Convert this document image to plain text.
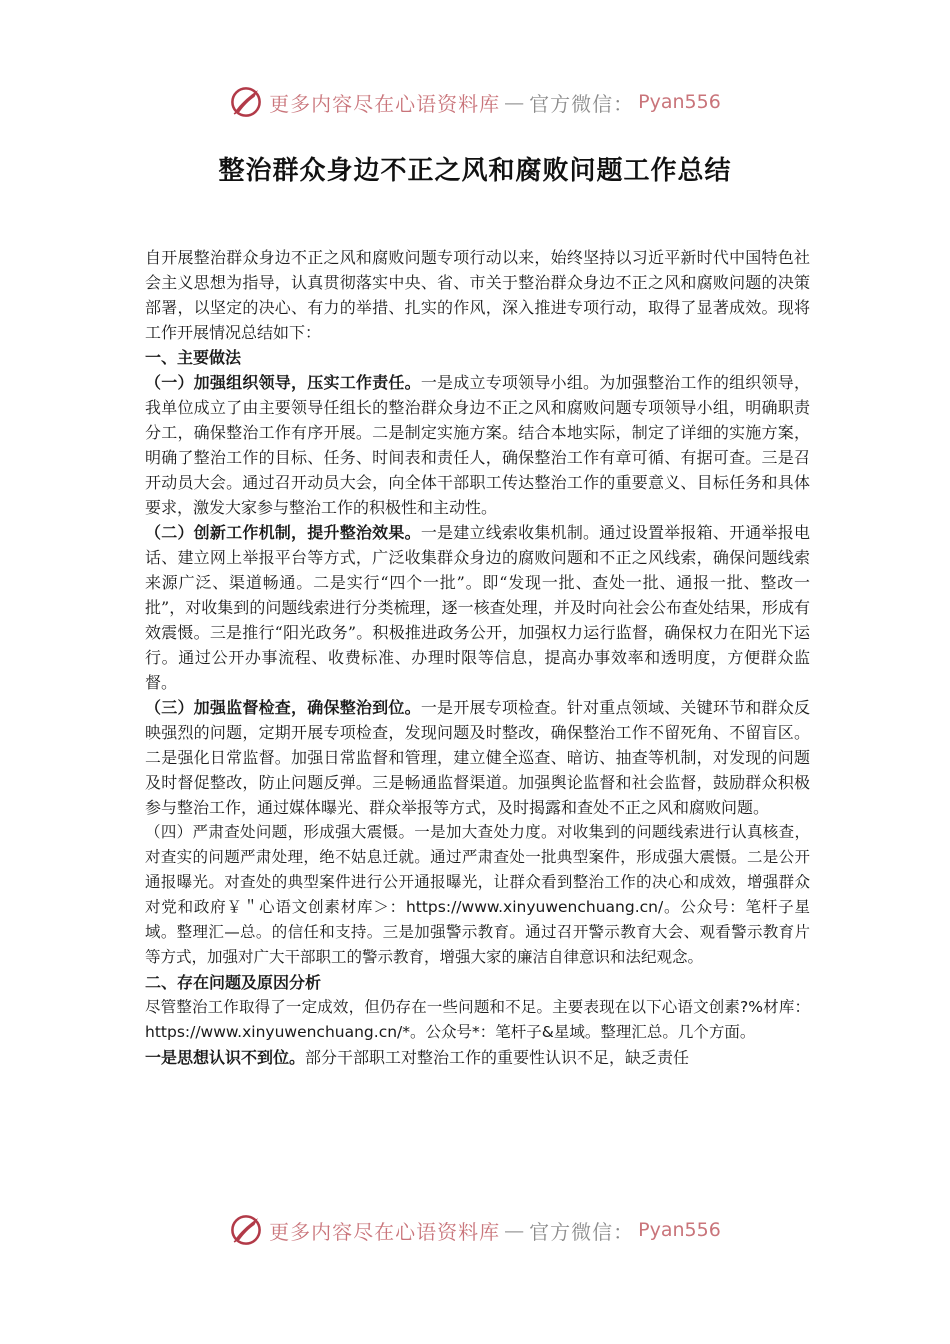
更多内容尽在心语资料库 — 官方微信： Pyan556
整治群众身边不正之风和腐败问题工作总结

自开展整治群众身边不正之风和腐败问题专项行动以来，始终坚持以习近平新时代中国特色社会主义思想为指导，认真贯彻落实中央、省、市关于整治群众身边不正之风和腐败问题的决策部署，以坚定的决心、有力的举措、扎实的作风，深入推进专项行动，取得了显著成效。现将工作开展情况总结如下：

一、主要做法

（一）加强组织领导，压实工作责任。一是成立专项领导小组。为加强整治工作的组织领导，我单位成立了由主要领导任组长的整治群众身边不正之风和腐败问题专项领导小组，明确职责分工，确保整治工作有序开展。二是制定实施方案。结合本地实际，制定了详细的实施方案，明确了整治工作的目标、任务、时间表和责任人，确保整治工作有章可循、有据可查。三是召开动员大会。通过召开动员大会，向全体干部职工传达整治工作的重要意义、目标任务和具体要求，激发大家参与整治工作的积极性和主动性。

（二）创新工作机制，提升整治效果。一是建立线索收集机制。通过设置举报箱、开通举报电话、建立网上举报平台等方式，广泛收集群众身边的腐败问题和不正之风线索，确保问题线索来源广泛、渠道畅通。二是实行“四个一批”。即“发现一批、查处一批、通报一批、整改一批”，对收集到的问题线索进行分类梳理，逐一核查处理，并及时向社会公布查处结果，形成有效震慑。三是推行“阳光政务”。积极推进政务公开，加强权力运行监督，确保权力在阳光下运行。通过公开办事流程、收费标准、办理时限等信息，提高办事效率和透明度，方便群众监督。

（三）加强监督检查，确保整治到位。一是开展专项检查。针对重点领域、关键环节和群众反映强烈的问题，定期开展专项检查，发现问题及时整改，确保整治工作不留死角、不留盲区。二是强化日常监督。加强日常监督和管理，建立健全巡查、暗访、抽查等机制，对发现的问题及时督促整改，防止问题反弹。三是畅通监督渠道。加强舆论监督和社会监督，鼓励群众积极参与整治工作，通过媒体曝光、群众举报等方式，及时揭露和查处不正之风和腐败问题。

（四）严肃查处问题，形成强大震慑。一是加大查处力度。对收集到的问题线索进行认真核查，对查实的问题严肃处理，绝不姑息迁就。通过严肃查处一批典型案件，形成强大震慑。二是公开通报曝光。对查处的典型案件进行公开通报曝光，让群众看到整治工作的决心和成效，增强群众对党和政府￥＂心语文创素材库＞：https://www.xinyuwenchuang.cn/。公众号：笔杆子星域。整理汇—总。的信任和支持。三是加强警示教育。通过召开警示教育大会、观看警示教育片等方式，加强对广大干部职工的警示教育，增强大家的廉洁自律意识和法纪观念。

二、存在问题及原因分析

尽管整治工作取得了一定成效，但仍存在一些问题和不足。主要表现在以下心语文创素?%材库：https://www.xinyuwenchuang.cn/*。公众号*：笔杆子&星域。整理汇总。几个方面。

一是思想认识不到位。部分干部职工对整治工作的重要性认识不足，缺乏责任

更多内容尽在心语资料库 — 官方微信： Pyan556
